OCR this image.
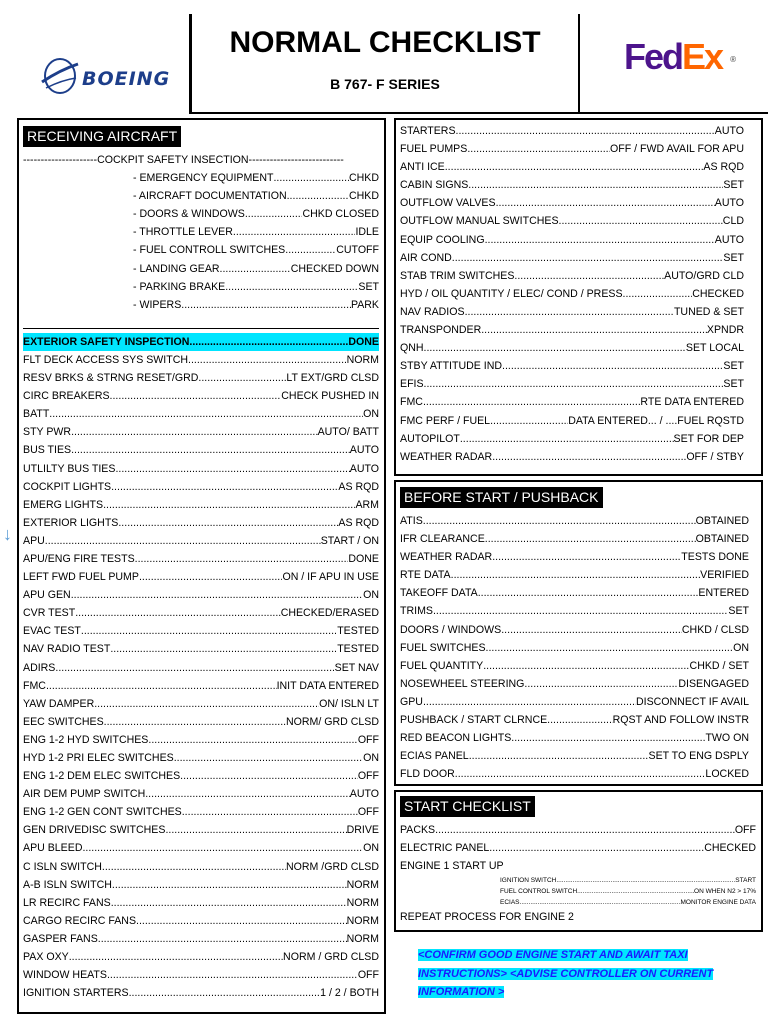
BOEING
NORMAL CHECKLIST
B 767- F SERIES
FedEx ®
RECEIVING AIRCRAFT
---------------------COCKPIT SAFETY INSECTION---------------------------
- EMERGENCY EQUIPMENT .....	CHKD
- AIRCRAFT DOCUMENTATION .....	CHKD
- DOORS & WINDOWS .....	CHKD CLOSED
- THROTTLE LEVER .....	IDLE
- FUEL CONTROLL SWITCHES .....	CUTOFF
- LANDING GEAR .....	CHECKED DOWN
- PARKING BRAKE .....	SET
- WIPERS .....	PARK
EXTERIOR SAFETY INSPECTION .....	DONE
FLT DECK ACCESS SYS SWITCH .....	NORM
RESV BRKS & STRNG RESET/GRD .....	LT EXT/GRD CLSD
CIRC BREAKERS .....	CHECK PUSHED IN
BATT .....	ON
STY PWR .....	AUTO/ BATT
BUS TIES .....	AUTO
UTLILTY BUS TIES .....	AUTO
COCKPIT LIGHTS .....	AS RQD
EMERG LIGHTS .....	ARM
EXTERIOR LIGHTS .....	AS RQD
APU .....	START / ON
APU/ENG FIRE TESTS .....	DONE
LEFT FWD FUEL PUMP .....	ON / IF APU IN USE
APU GEN .....	ON
CVR TEST .....	CHECKED/ERASED
EVAC TEST .....	TESTED
NAV RADIO TEST .....	TESTED
ADIRS .....	SET NAV
FMC .....	INIT DATA ENTERED
YAW DAMPER .....	ON/ ISLN LT
EEC SWITCHES .....	NORM/ GRD CLSD
ENG 1-2 HYD SWITCHES .....	OFF
HYD 1-2 PRI ELEC SWITCHES .....	ON
ENG 1-2 DEM ELEC SWITCHES .....	OFF
AIR DEM PUMP SWITCH .....	AUTO
ENG 1-2 GEN CONT SWITCHES .....	OFF
GEN DRIVEDISC SWITCHES .....	DRIVE
APU BLEED .....	ON
C ISLN SWITCH .....	NORM /GRD CLSD
A-B ISLN SWITCH .....	NORM
LR RECIRC FANS .....	NORM
CARGO RECIRC FANS .....	NORM
GASPER FANS .....	NORM
PAX OXY .....	NORM / GRD CLSD
WINDOW HEATS .....	OFF
IGNITION STARTERS .....	1 / 2 / BOTH
↓
STARTERS .....	AUTO
FUEL PUMPS .....	OFF / FWD AVAIL FOR APU
ANTI ICE .....	AS RQD
CABIN SIGNS .....	SET
OUTFLOW VALVES .....	AUTO
OUTFLOW MANUAL SWITCHES .....	CLD
EQUIP COOLING .....	AUTO
AIR COND .....	SET
STAB TRIM SWITCHES .....	AUTO/GRD CLD
HYD / OIL QUANTITY / ELEC/ COND / PRESS .....	CHECKED
NAV RADIOS .....	TUNED & SET
TRANSPONDER .....	XPNDR
QNH .....	SET LOCAL
STBY ATTITUDE IND .....	SET
EFIS .....	SET
FMC .....	RTE DATA ENTERED
FMC PERF / FUEL .....	DATA ENTERED... / .... FUEL RQSTD
AUTOPILOT .....	SET FOR DEP
WEATHER RADAR .....	OFF / STBY
BEFORE START / PUSHBACK
ATIS .....	OBTAINED
IFR CLEARANCE .....	OBTAINED
WEATHER RADAR .....	TESTS DONE
RTE DATA .....	VERIFIED
TAKEOFF DATA .....	ENTERED
TRIMS .....	SET
DOORS / WINDOWS .....	CHKD / CLSD
FUEL SWITCHES .....	ON
FUEL QUANTITY .....	CHKD / SET
NOSEWHEEL STEERING .....	DISENGAGED
GPU .....	DISCONNECT IF AVAIL
PUSHBACK / START CLRNCE .....	RQST AND FOLLOW INSTR
RED BEACON LIGHTS .....	TWO ON
ECIAS PANEL .....	SET TO ENG DSPLY
FLD DOOR .....	LOCKED
START CHECKLIST
PACKS .....	OFF
ELECTRIC PANEL .....	CHECKED
ENGINE 1 START UP
IGNITION SWITCH .....	START
FUEL CONTROL SWITCH .....	ON WHEN N2 > 17%
ECIAS .....	MONITOR ENGINE DATA
REPEAT PROCESS FOR ENGINE 2
<CONFIRM GOOD ENGINE START AND AWAIT TAXI
INSTRUCTIONS> <ADVISE CONTROLLER ON CURRENT
INFORMATION >
